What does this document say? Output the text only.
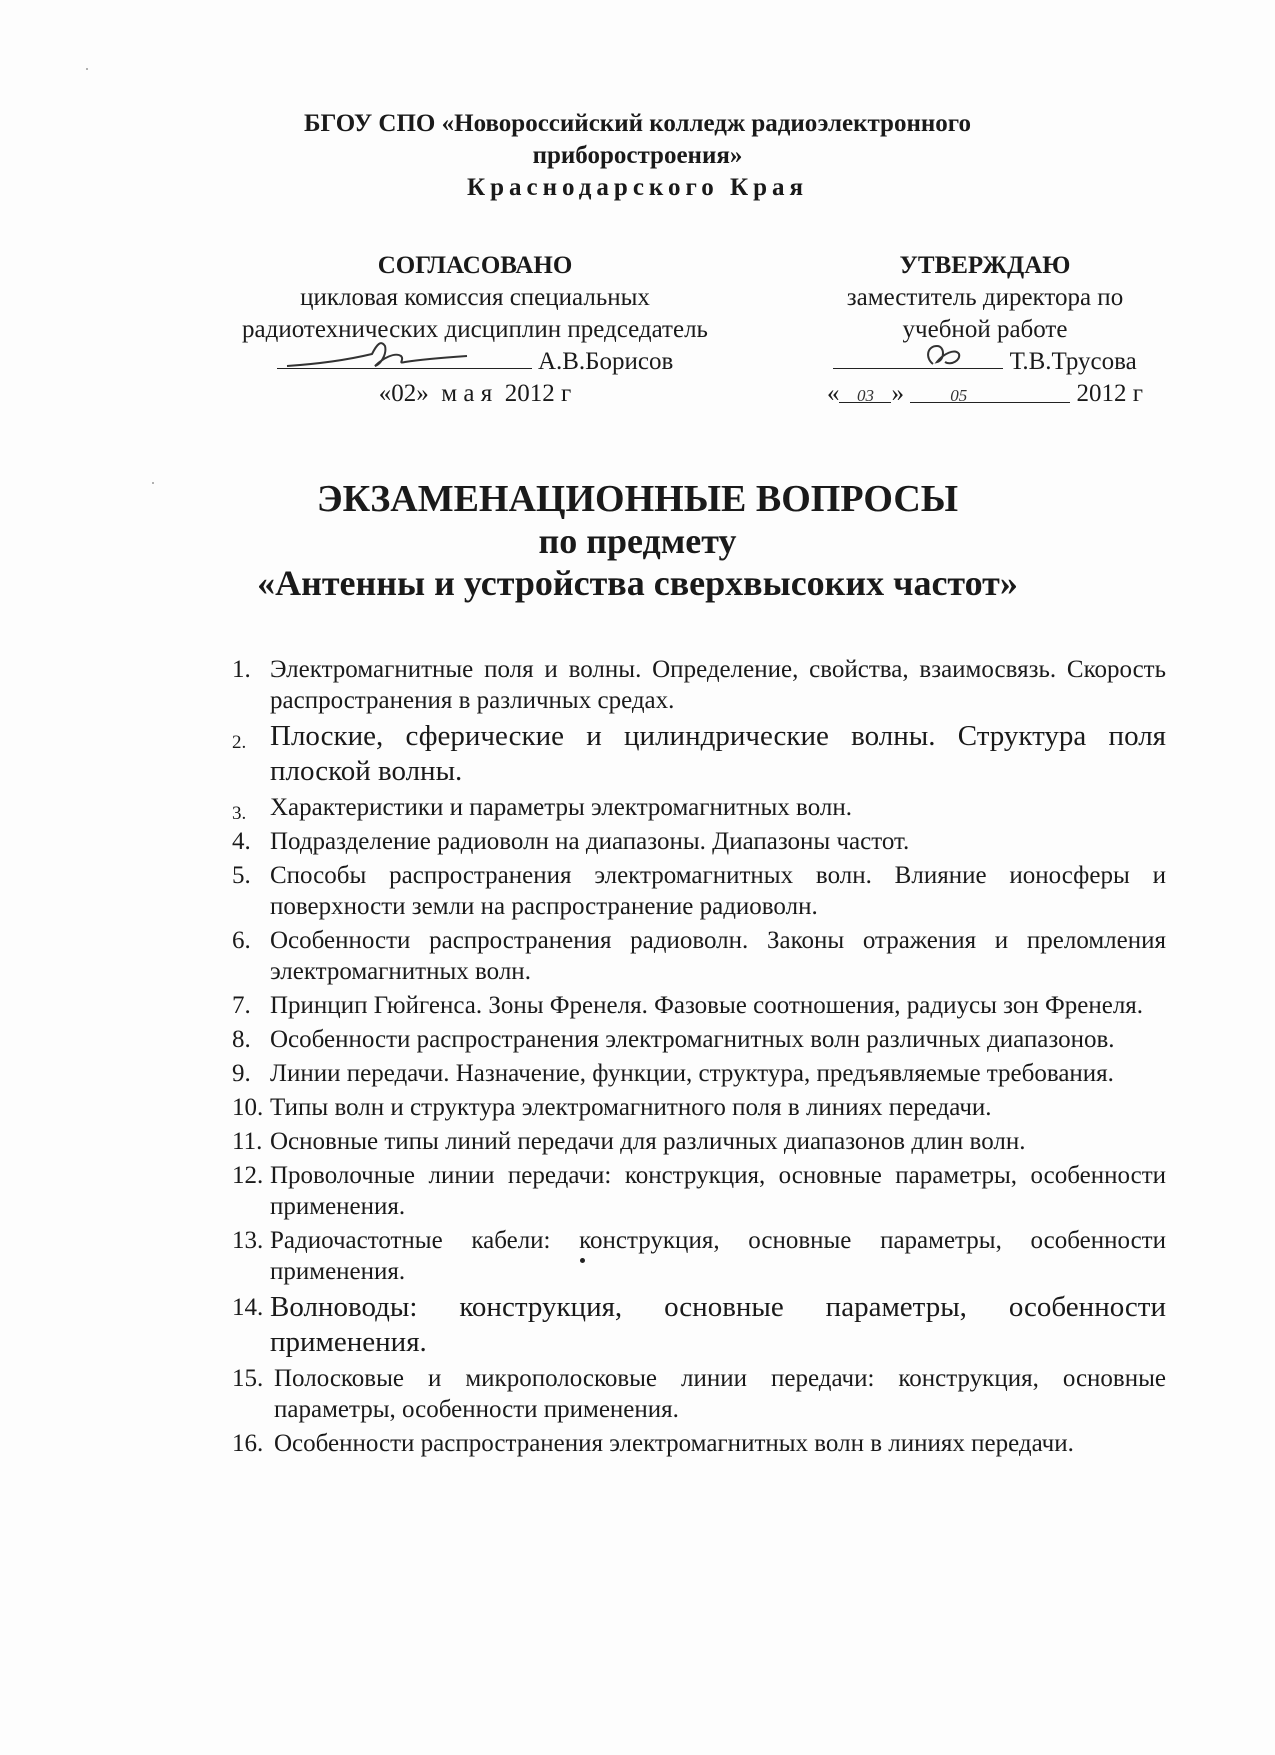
БГОУ СПО «Новороссийский колледж радиоэлектронного
приборостроения»
Краснодарского Края
СОГЛАСОВАНО
цикловая комиссия специальных
радиотехнических дисциплин председатель
А.В.Борисов
«02»  м а я  2012 г
УТВЕРЖДАЮ
заместитель директора по
учебной работе
Т.В.Трусова
« 03 »	05	2012 г
ЭКЗАМЕНАЦИОННЫЕ ВОПРОСЫ
по предмету
«Антенны и устройства сверхвысоких частот»
1. Электромагнитные поля и волны. Определение, свойства, взаимосвязь. Скорость распространения в различных средах.
2. Плоские, сферические и цилиндрические волны. Структура поля плоской волны.
3. Характеристики и параметры электромагнитных волн.
4. Подразделение радиоволн на диапазоны. Диапазоны частот.
5. Способы распространения электромагнитных волн. Влияние ионосферы и поверхности земли на распространение радиоволн.
6. Особенности распространения радиоволн. Законы отражения и преломления электромагнитных волн.
7. Принцип Гюйгенса. Зоны Френеля. Фазовые соотношения, радиусы зон Френеля.
8. Особенности распространения электромагнитных волн различных диапазонов.
9. Линии передачи. Назначение, функции, структура, предъявляемые требования.
10. Типы волн и структура электромагнитного поля в линиях передачи.
11. Основные типы линий передачи для различных диапазонов длин волн.
12. Проволочные линии передачи: конструкция, основные параметры, особенности применения.
13. Радиочастотные кабели: конструкция, основные параметры, особенности применения.
14. Волноводы: конструкция, основные параметры, особенности применения.
15. Полосковые и микрополосковые линии передачи: конструкция, основные параметры, особенности применения.
16. Особенности распространения электромагнитных волн в линиях передачи.
